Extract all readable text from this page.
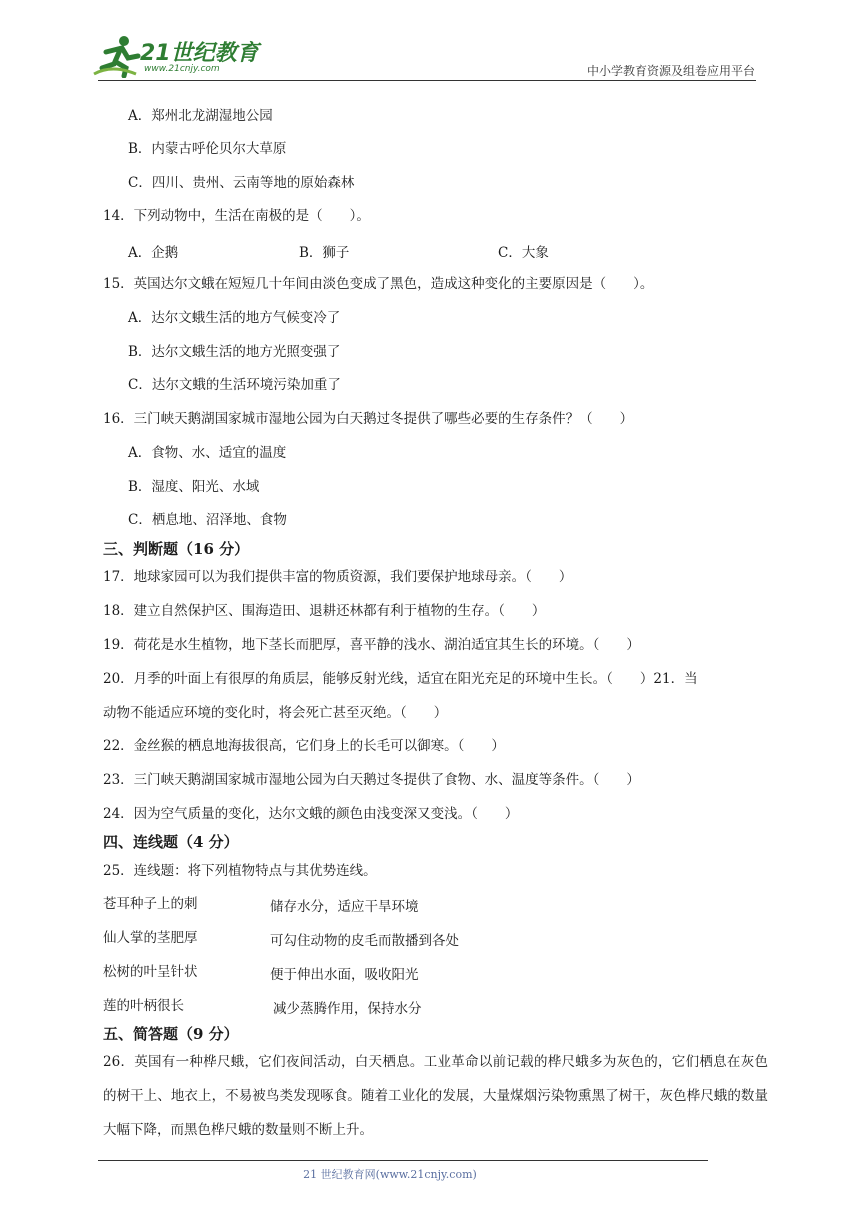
21世纪教育
www.21cnjy.com	中小学教育资源及组卷应用平台
A．郑州北龙湖湿地公园
B．内蒙古呼伦贝尔大草原
C．四川、贵州、云南等地的原始森林
14．下列动物中，生活在南极的是（　　）。
A．企鹅	B．狮子	C．大象
15．英国达尔文蛾在短短几十年间由淡色变成了黑色，造成这种变化的主要原因是（　　）。
A．达尔文蛾生活的地方气候变冷了
B．达尔文蛾生活的地方光照变强了
C．达尔文蛾的生活环境污染加重了
16．三门峡天鹅湖国家城市湿地公园为白天鹅过冬提供了哪些必要的生存条件？（　　）
A．食物、水、适宜的温度
B．湿度、阳光、水域
C．栖息地、沼泽地、食物
三、判断题（16 分）
17．地球家园可以为我们提供丰富的物质资源，我们要保护地球母亲。（　　）
18．建立自然保护区、围海造田、退耕还林都有利于植物的生存。（　　）
19．荷花是水生植物，地下茎长而肥厚，喜平静的浅水、湖泊适宜其生长的环境。（　　）
20．月季的叶面上有很厚的角质层，能够反射光线，适宜在阳光充足的环境中生长。（　　）21．当
动物不能适应环境的变化时，将会死亡甚至灭绝。（　　）
22．金丝猴的栖息地海拔很高，它们身上的长毛可以御寒。（　　）
23．三门峡天鹅湖国家城市湿地公园为白天鹅过冬提供了食物、水、温度等条件。（　　）
24．因为空气质量的变化，达尔文蛾的颜色由浅变深又变浅。（　　）
四、连线题（4 分）
25．连线题：将下列植物特点与其优势连线。
苍耳种子上的刺	储存水分，适应干旱环境
仙人掌的茎肥厚	可勾住动物的皮毛而散播到各处
松树的叶呈针状	便于伸出水面，吸收阳光
莲的叶柄很长	减少蒸腾作用，保持水分
五、简答题（9 分）
26．英国有一种桦尺蛾，它们夜间活动，白天栖息。工业革命以前记载的桦尺蛾多为灰色的，它们栖息在灰色的树干上、地衣上，不易被鸟类发现啄食。随着工业化的发展，大量煤烟污染物熏黑了树干，灰色桦尺蛾的数量大幅下降，而黑色桦尺蛾的数量则不断上升。
21 世纪教育网(www.21cnjy.com)
